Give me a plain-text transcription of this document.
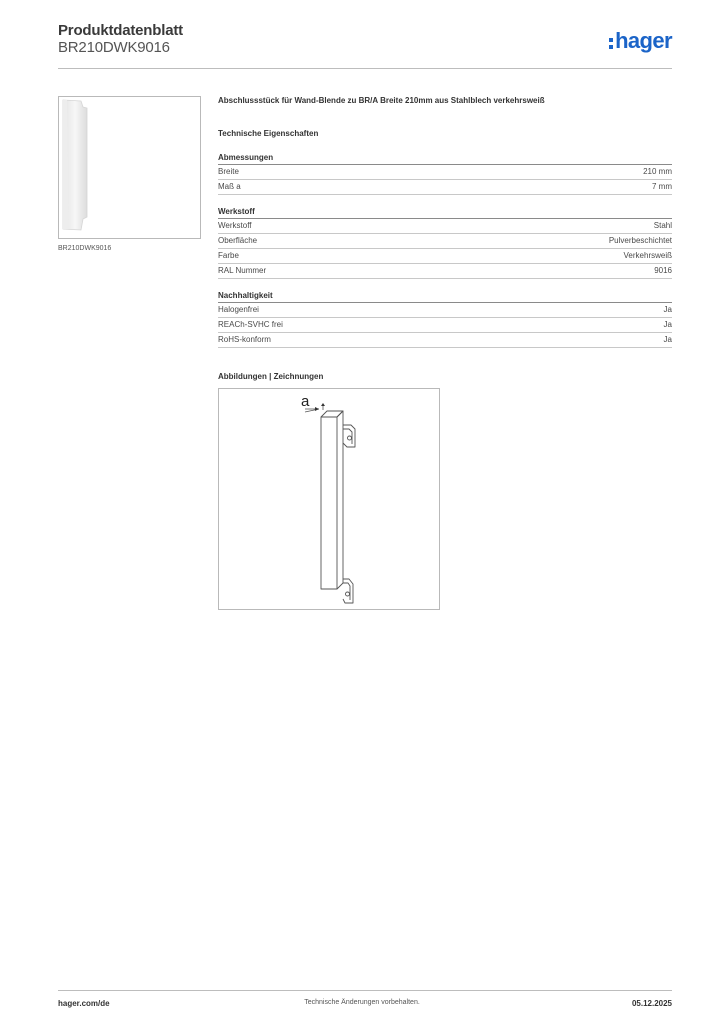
Produktdatenblatt
BR210DWK9016	hager
BR210DWK9016
Abschlussstück für Wand-Blende zu BR/A Breite 210mm aus Stahlblech verkehrsweiß
Technische Eigenschaften
Abmessungen
Breite	210 mm
Maß a	7 mm
Werkstoff
Werkstoff	Stahl
Oberfläche	Pulverbeschichtet
Farbe	Verkehrsweiß
RAL Nummer	9016
Nachhaltigkeit
Halogenfrei	Ja
REACh-SVHC frei	Ja
RoHS-konform	Ja
Abbildungen | Zeichnungen
a
hager.com/de	Technische Änderungen vorbehalten.	05.12.2025
